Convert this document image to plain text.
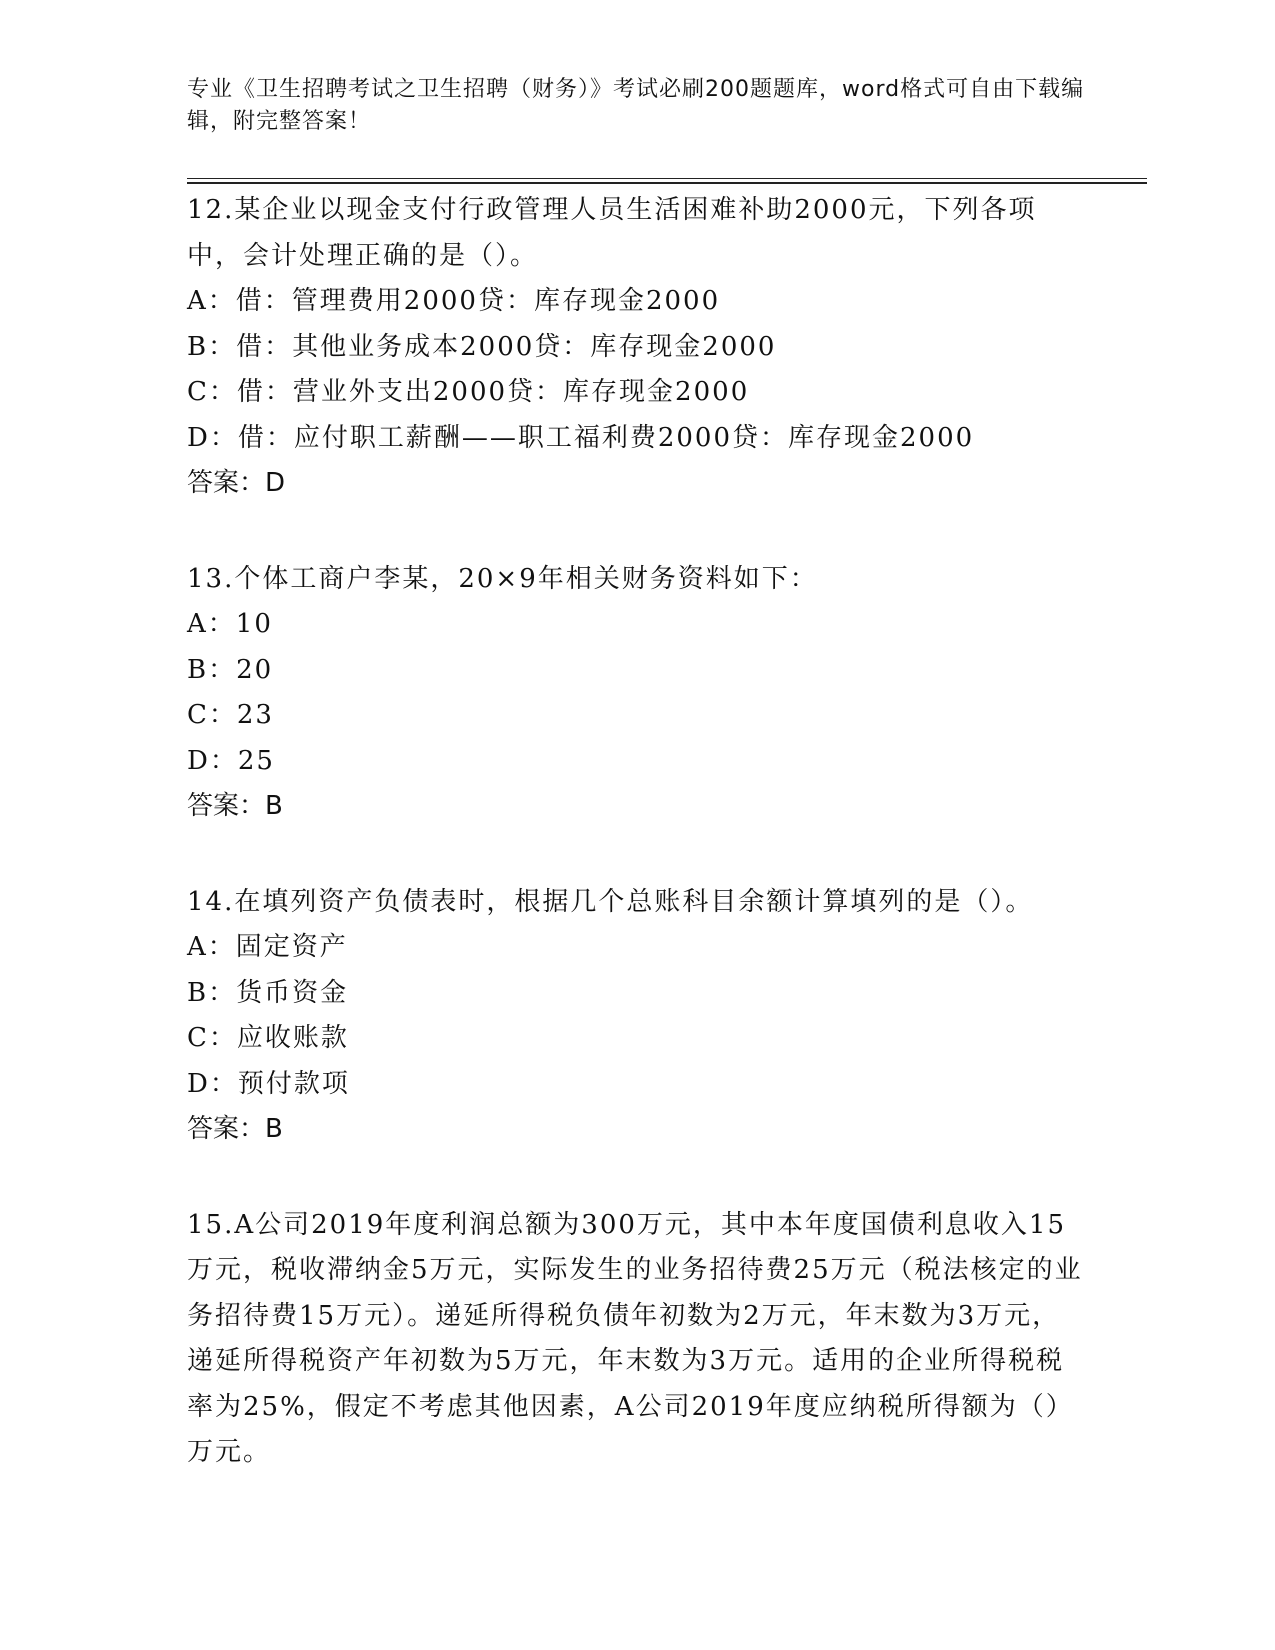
专业《卫生招聘考试之卫生招聘（财务）》考试必刷200题题库，word格式可自由下载编辑，附完整答案！

12.某企业以现金支付行政管理人员生活困难补助2000元，下列各项中，会计处理正确的是（）。

A：借：管理费用2000贷：库存现金2000

B：借：其他业务成本2000贷：库存现金2000

C：借：营业外支出2000贷：库存现金2000

D：借：应付职工薪酬——职工福利费2000贷：库存现金2000

答案：D

13.个体工商户李某，20×9年相关财务资料如下：

A：10

B：20

C：23

D：25

答案：B

14.在填列资产负债表时，根据几个总账科目余额计算填列的是（）。

A：固定资产

B：货币资金

C：应收账款

D：预付款项

答案：B

15.A公司2019年度利润总额为300万元，其中本年度国债利息收入15万元，税收滞纳金5万元，实际发生的业务招待费25万元（税法核定的业务招待费15万元）。递延所得税负债年初数为2万元，年末数为3万元，递延所得税资产年初数为5万元，年末数为3万元。适用的企业所得税税率为25%，假定不考虑其他因素，A公司2019年度应纳税所得额为（）万元。
